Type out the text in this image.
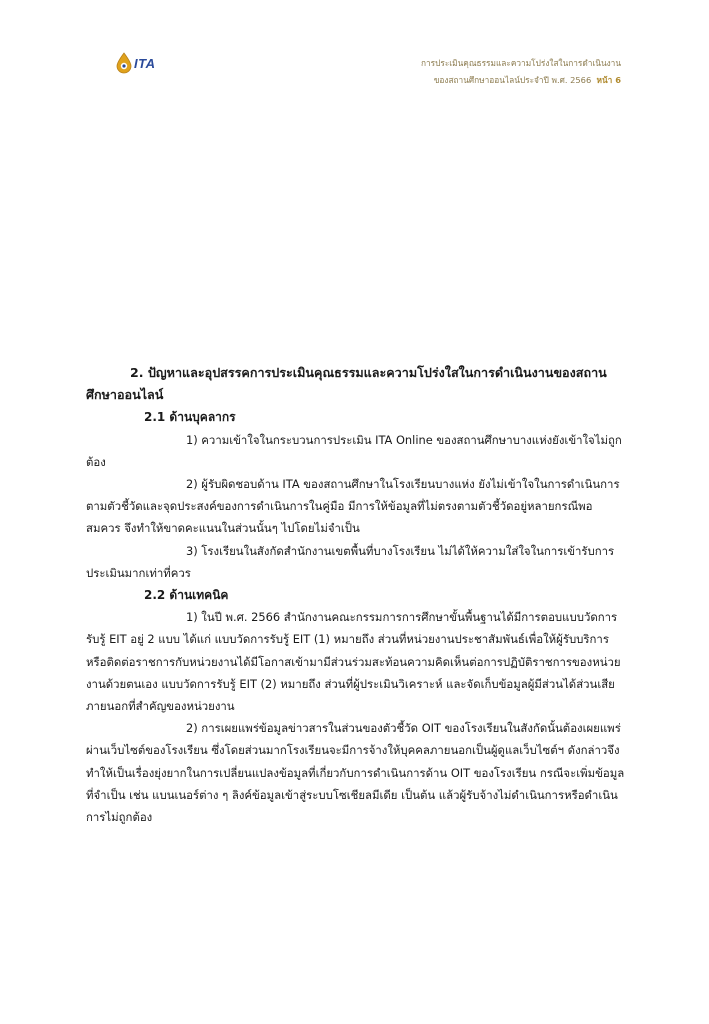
ITA	การประเมินคุณธรรมและความโปร่งใสในการดำเนินงาน
ของสถานศึกษาออนไลน์ประจำปี พ.ศ. 2566 หน้า 6

2. ปัญหาและอุปสรรคการประเมินคุณธรรมและความโปร่งใสในการดำเนินงานของสถานศึกษาออนไลน์

2.1 ด้านบุคลากร

1) ความเข้าใจในกระบวนการประเมิน ITA Online ของสถานศึกษาบางแห่งยังเข้าใจไม่ถูกต้อง

2) ผู้รับผิดชอบด้าน ITA ของสถานศึกษาในโรงเรียนบางแห่ง ยังไม่เข้าใจในการดำเนินการตามตัวชี้วัดและจุดประสงค์ของการดำเนินการในคู่มือ มีการให้ข้อมูลที่ไม่ตรงตามตัวชี้วัดอยู่หลายกรณีพอสมควร จึงทำให้ขาดคะแนนในส่วนนั้นๆ ไปโดยไม่จำเป็น

3) โรงเรียนในสังกัดสำนักงานเขตพื้นที่บางโรงเรียน ไม่ได้ให้ความใส่ใจในการเข้ารับการประเมินมากเท่าที่ควร

2.2 ด้านเทคนิค

1) ในปี พ.ศ. 2566 สำนักงานคณะกรรมการการศึกษาขั้นพื้นฐานได้มีการตอบแบบวัดการรับรู้ EIT อยู่ 2 แบบ ได้แก่ แบบวัดการรับรู้ EIT (1) หมายถึง ส่วนที่หน่วยงานประชาสัมพันธ์เพื่อให้ผู้รับบริการหรือติดต่อราชการกับหน่วยงานได้มีโอกาสเข้ามามีส่วนร่วมสะท้อนความคิดเห็นต่อการปฏิบัติราชการของหน่วยงานด้วยตนเอง แบบวัดการรับรู้ EIT (2) หมายถึง ส่วนที่ผู้ประเมินวิเคราะห์ และจัดเก็บข้อมูลผู้มีส่วนได้ส่วนเสียภายนอกที่สำคัญของหน่วยงาน

2) การเผยแพร่ข้อมูลข่าวสารในส่วนของตัวชี้วัด OIT ของโรงเรียนในสังกัดนั้นต้องเผยแพร่ผ่านเว็บไซต์ของโรงเรียน ซึ่งโดยส่วนมากโรงเรียนจะมีการจ้างให้บุคคลภายนอกเป็นผู้ดูแลเว็บไซต์ฯ ดังกล่าวจึงทำให้เป็นเรื่องยุ่งยากในการเปลี่ยนแปลงข้อมูลที่เกี่ยวกับการดำเนินการด้าน OIT ของโรงเรียน กรณีจะเพิ่มข้อมูลที่จำเป็น เช่น แบนเนอร์ต่าง ๆ ลิงค์ข้อมูลเข้าสู่ระบบโซเชียลมีเดีย เป็นต้น แล้วผู้รับจ้างไม่ดำเนินการหรือดำเนินการไม่ถูกต้อง
